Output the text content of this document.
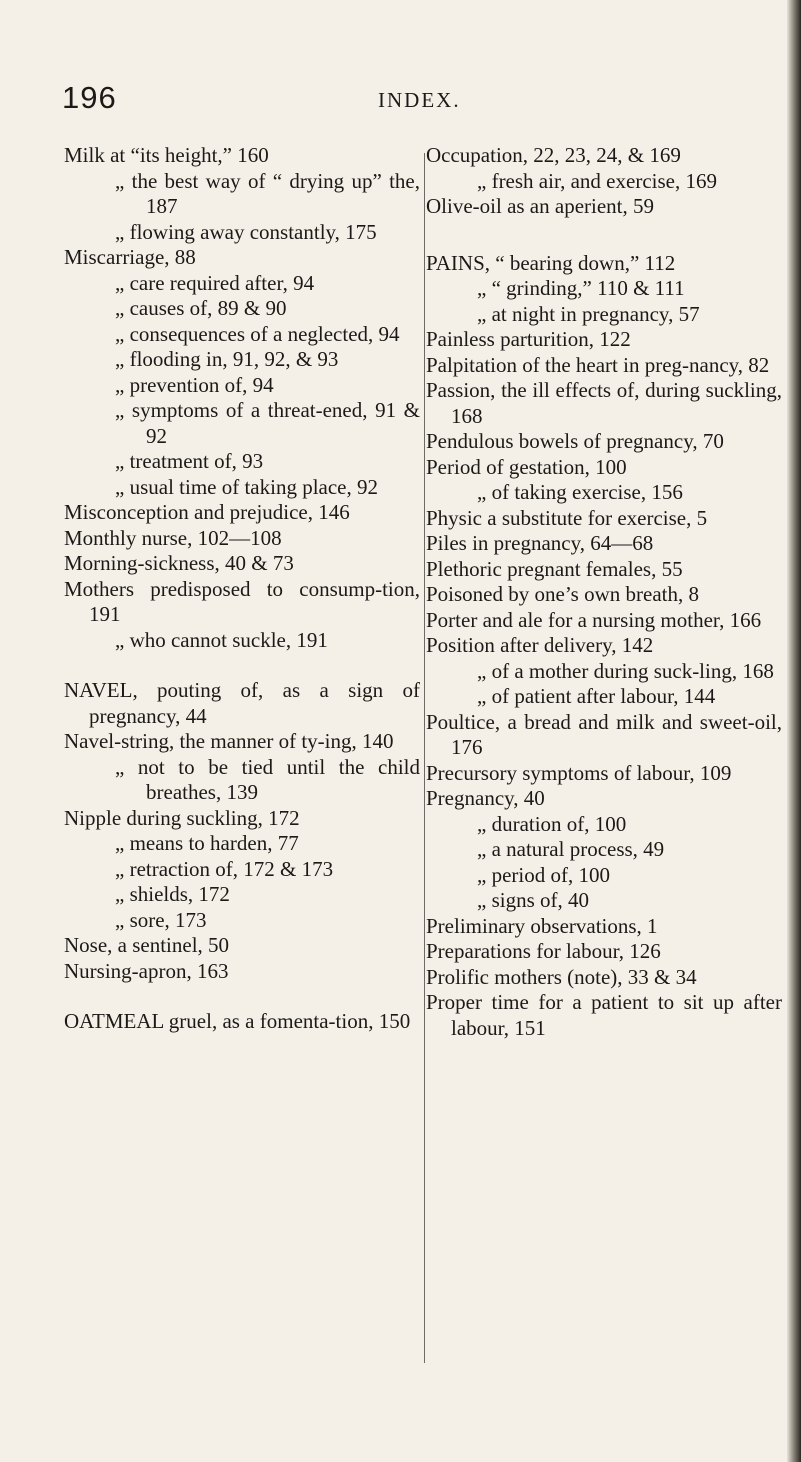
196	INDEX.
Milk at “its height,” 160
„ the best way of “ drying up” the, 187
„ flowing away constantly, 175
Miscarriage, 88
„ care required after, 94
„ causes of, 89 & 90
„ consequences of a neglected, 94
„ flooding in, 91, 92, & 93
„ prevention of, 94
„ symptoms of a threat-ened, 91 & 92
„ treatment of, 93
„ usual time of taking place, 92
Misconception and prejudice, 146
Monthly nurse, 102—108
Morning-sickness, 40 & 73
Mothers predisposed to consump-tion, 191
„ who cannot suckle, 191
NAVEL, pouting of, as a sign of pregnancy, 44
Navel-string, the manner of ty-ing, 140
„ not to be tied until the child breathes, 139
Nipple during suckling, 172
„ means to harden, 77
„ retraction of, 172 & 173
„ shields, 172
„ sore, 173
Nose, a sentinel, 50
Nursing-apron, 163
OATMEAL gruel, as a fomenta-tion, 150
Occupation, 22, 23, 24, & 169
„ fresh air, and exercise, 169
Olive-oil as an aperient, 59
PAINS, “ bearing down,” 112
„ “ grinding,” 110 & 111
„ at night in pregnancy, 57
Painless parturition, 122
Palpitation of the heart in preg-nancy, 82
Passion, the ill effects of, during suckling, 168
Pendulous bowels of pregnancy, 70
Period of gestation, 100
„ of taking exercise, 156
Physic a substitute for exercise, 5
Piles in pregnancy, 64—68
Plethoric pregnant females, 55
Poisoned by one’s own breath, 8
Porter and ale for a nursing mother, 166
Position after delivery, 142
„ of a mother during suck-ling, 168
„ of patient after labour, 144
Poultice, a bread and milk and sweet-oil, 176
Precursory symptoms of labour, 109
Pregnancy, 40
„ duration of, 100
„ a natural process, 49
„ period of, 100
„ signs of, 40
Preliminary observations, 1
Preparations for labour, 126
Prolific mothers (note), 33 & 34
Proper time for a patient to sit up after labour, 151
